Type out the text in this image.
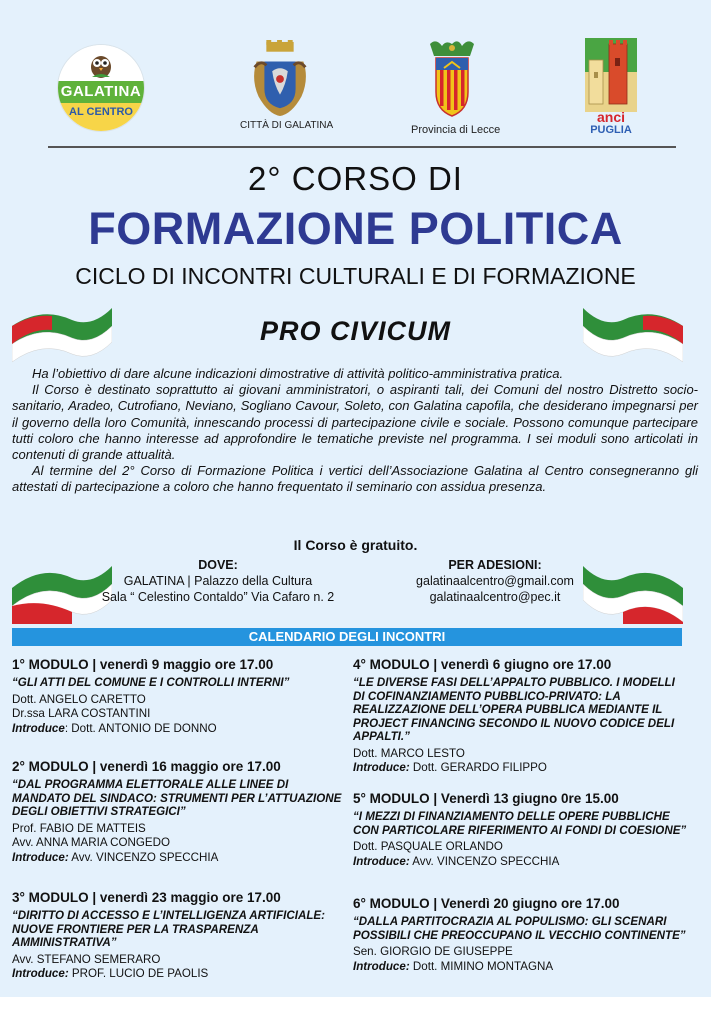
GALATINA
AL CENTRO
CITTÀ DI GALATINA	Provincia di Lecce
anci
PUGLIA
2° CORSO DI
FORMAZIONE POLITICA
CICLO DI INCONTRI CULTURALI E DI FORMAZIONE
PRO CIVICUM

Ha l’obiettivo di dare alcune indicazioni dimostrative di attività politico-amministrativa pratica.

Il Corso è destinato soprattutto ai giovani amministratori, o aspiranti tali, dei Comuni del nostro Distretto socio- sanitario, Aradeo, Cutrofiano, Neviano, Sogliano Cavour, Soleto, con Galatina capofila, che desiderano impegnarsi per il governo della loro Comunità, innescando processi di partecipazione civile e sociale. Possono comunque partecipare tutti coloro che hanno interesse ad approfondire le tematiche previste nel programma. I sei moduli sono articolati in contenuti di grande attualità.

Al termine del 2° Corso di Formazione Politica i vertici dell’Associazione Galatina al Centro consegneranno gli attestati di partecipazione a coloro che hanno frequentato il seminario con assidua presenza.

Il Corso è gratuito.
DOVE:
GALATINA | Palazzo della Cultura
Sala “ Celestino Contaldo” Via Cafaro n. 2
PER ADESIONI:
galatinaalcentro@gmail.com
galatinaalcentro@pec.it
CALENDARIO DEGLI INCONTRI
1° MODULO | venerdì 9 maggio ore 17.00
“GLI ATTI DEL COMUNE E I CONTROLLI INTERNI”
Dott. ANGELO CARETTO
Dr.ssa LARA COSTANTINI
Introduce: Dott. ANTONIO DE DONNO
2° MODULO | venerdì 16 maggio ore 17.00
“DAL PROGRAMMA ELETTORALE ALLE LINEE DI MANDATO DEL SINDACO: STRUMENTI PER L’ATTUAZIONE DEGLI OBIETTIVI STRATEGICI”
Prof. FABIO DE MATTEIS
Avv. ANNA MARIA CONGEDO
Introduce: Avv. VINCENZO SPECCHIA
3° MODULO | venerdì 23 maggio ore 17.00
“DIRITTO DI ACCESSO E L’INTELLIGENZA ARTIFICIALE: NUOVE FRONTIERE PER LA TRASPARENZA AMMINISTRATIVA”
Avv. STEFANO SEMERARO
Introduce: PROF. LUCIO DE PAOLIS
4° MODULO | venerdì 6 giugno ore 17.00
“LE DIVERSE FASI DELL’APPALTO PUBBLICO. I MODELLI DI COFINANZIAMENTO PUBBLICO-PRIVATO: LA REALIZZAZIONE DELL’OPERA PUBBLICA MEDIANTE IL PROJECT FINANCING SECONDO IL NUOVO CODICE DELI APPALTI.”
Dott. MARCO LESTO
Introduce: Dott. GERARDO FILIPPO
5° MODULO | Venerdì 13 giugno 0re 15.00
“I MEZZI DI FINANZIAMENTO DELLE OPERE PUBBLICHE CON PARTICOLARE RIFERIMENTO AI FONDI DI COESIONE”
Dott. PASQUALE ORLANDO
Introduce: Avv. VINCENZO SPECCHIA
6° MODULO | Venerdì 20 giugno ore 17.00
“DALLA PARTITOCRAZIA AL POPULISMO: GLI SCENARI POSSIBILI CHE PREOCCUPANO IL VECCHIO CONTINENTE”
Sen. GIORGIO DE GIUSEPPE
Introduce: Dott. MIMINO MONTAGNA
